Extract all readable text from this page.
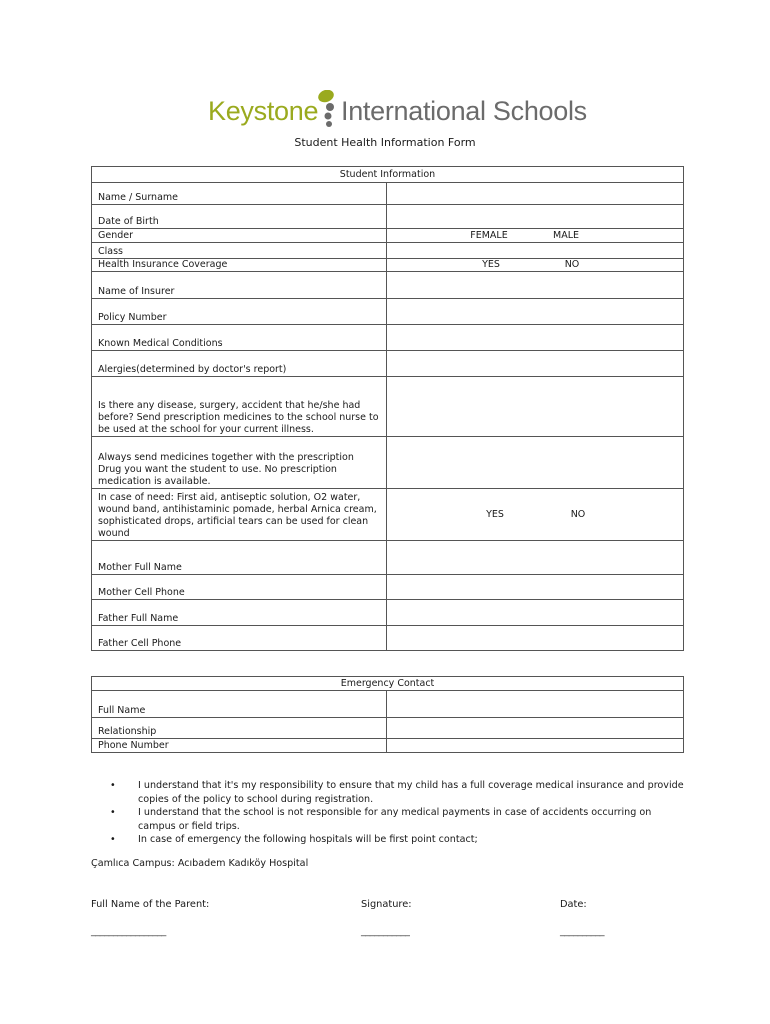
Keystone International Schools
Student Health Information Form
Student Information	
Name / Surname	
Date of Birth	
Gender	FEMALE MALE
Class	
Health Insurance Coverage	YES NO
Name of Insurer	
Policy Number	
Known Medical Conditions	
Alergies(determined by doctor's report)	
Is there any disease, surgery, accident that he/she had before? Send prescription medicines to the school nurse to be used at the school for your current illness.	
Always send medicines together with the prescription Drug you want the student to use. No prescription medication is available.	
In case of need: First aid, antiseptic solution, O2 water, wound band, antihistaminic pomade, herbal Arnica cream, sophisticated drops, artificial tears can be used for clean wound	YES NO
Mother Full Name	
Mother Cell Phone	
Father Full Name	
Father Cell Phone	
Emergency Contact	
Full Name	
Relationship	
Phone Number	
•	I understand that it's my responsibility to ensure that my child has a full coverage medical insurance and provide copies of the policy to school during registration.
•	I understand that the school is not responsible for any medical payments in case of accidents occurring on campus or field trips.
•	In case of emergency the following hospitals will be first point contact;
Çamlıca Campus: Acıbadem Kadıköy Hospital
Full Name of the Parent:	Signature:	Date:
_________________	___________	__________
